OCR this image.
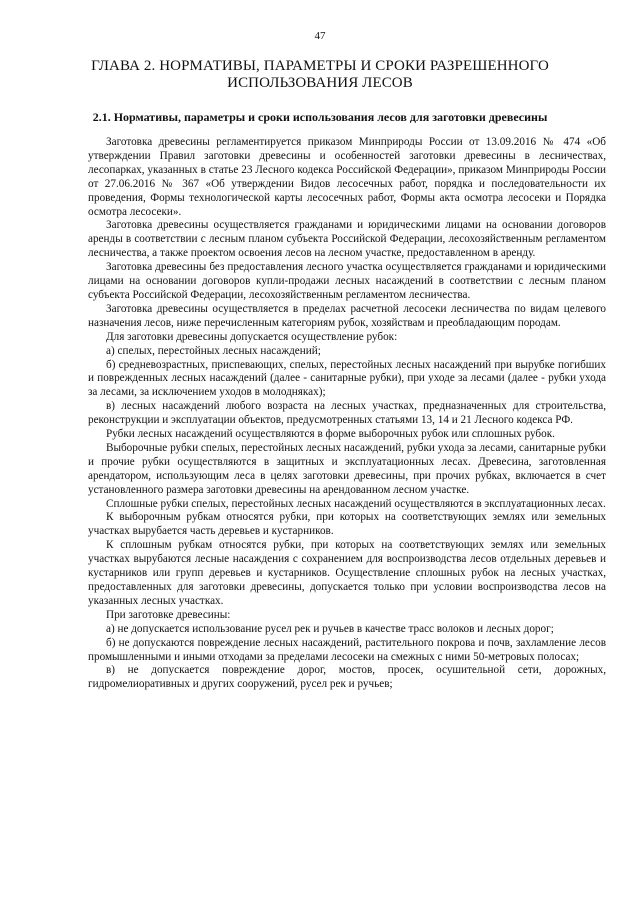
47
ГЛАВА 2. НОРМАТИВЫ, ПАРАМЕТРЫ И СРОКИ РАЗРЕШЕННОГО ИСПОЛЬЗОВАНИЯ ЛЕСОВ
2.1. Нормативы, параметры и сроки использования лесов для заготовки древесины

Заготовка древесины регламентируется приказом Минприроды России от 13.09.2016 № 474 «Об утверждении Правил заготовки древесины и особенностей заготовки древесины в лесничествах, лесопарках, указанных в статье 23 Лесного кодекса Российской Федерации», приказом Минприроды России от 27.06.2016 № 367 «Об утверждении Видов лесосечных работ, порядка и последовательности их проведения, Формы технологической карты лесосечных работ, Формы акта осмотра лесосеки и Порядка осмотра лесосеки».

Заготовка древесины осуществляется гражданами и юридическими лицами на основании договоров аренды в соответствии с лесным планом субъекта Российской Федерации, лесохозяйственным регламентом лесничества, а также проектом освоения лесов на лесном участке, предоставленном в аренду.

Заготовка древесины без предоставления лесного участка осуществляется гражданами и юридическими лицами на основании договоров купли-продажи лесных насаждений в соответствии с лесным планом субъекта Российской Федерации, лесохозяйственным регламентом лесничества.

Заготовка древесины осуществляется в пределах расчетной лесосеки лесничества по видам целевого назначения лесов, ниже перечисленным категориям рубок, хозяйствам и преобладающим породам.

Для заготовки древесины допускается осуществление рубок:

а) спелых, перестойных лесных насаждений;

б) средневозрастных, приспевающих, спелых, перестойных лесных насаждений при вырубке погибших и поврежденных лесных насаждений (далее - санитарные рубки), при уходе за лесами (далее - рубки ухода за лесами, за исключением уходов в молодняках);

в) лесных насаждений любого возраста на лесных участках, предназначенных для строительства, реконструкции и эксплуатации объектов, предусмотренных статьями 13, 14 и 21 Лесного кодекса РФ.

Рубки лесных насаждений осуществляются в форме выборочных рубок или сплошных рубок.

Выборочные рубки спелых, перестойных лесных насаждений, рубки ухода за лесами, санитарные рубки и прочие рубки осуществляются в защитных и эксплуатационных лесах. Древесина, заготовленная арендатором, использующим леса в целях заготовки древесины, при прочих рубках, включается в счет установленного размера заготовки древесины на арендованном лесном участке.

Сплошные рубки спелых, перестойных лесных насаждений осуществляются в эксплуатационных лесах.

К выборочным рубкам относятся рубки, при которых на соответствующих землях или земельных участках вырубается часть деревьев и кустарников.

К сплошным рубкам относятся рубки, при которых на соответствующих землях или земельных участках вырубаются лесные насаждения с сохранением для воспроизводства лесов отдельных деревьев и кустарников или групп деревьев и кустарников. Осуществление сплошных рубок на лесных участках, предоставленных для заготовки древесины, допускается только при условии воспроизводства лесов на указанных лесных участках.

При заготовке древесины:

а) не допускается использование русел рек и ручьев в качестве трасс волоков и лесных дорог;

б) не допускаются повреждение лесных насаждений, растительного покрова и почв, захламление лесов промышленными и иными отходами за пределами лесосеки на смежных с ними 50-метровых полосах;

в) не допускается повреждение дорог, мостов, просек, осушительной сети, дорожных, гидромелиоративных и других сооружений, русел рек и ручьев;
